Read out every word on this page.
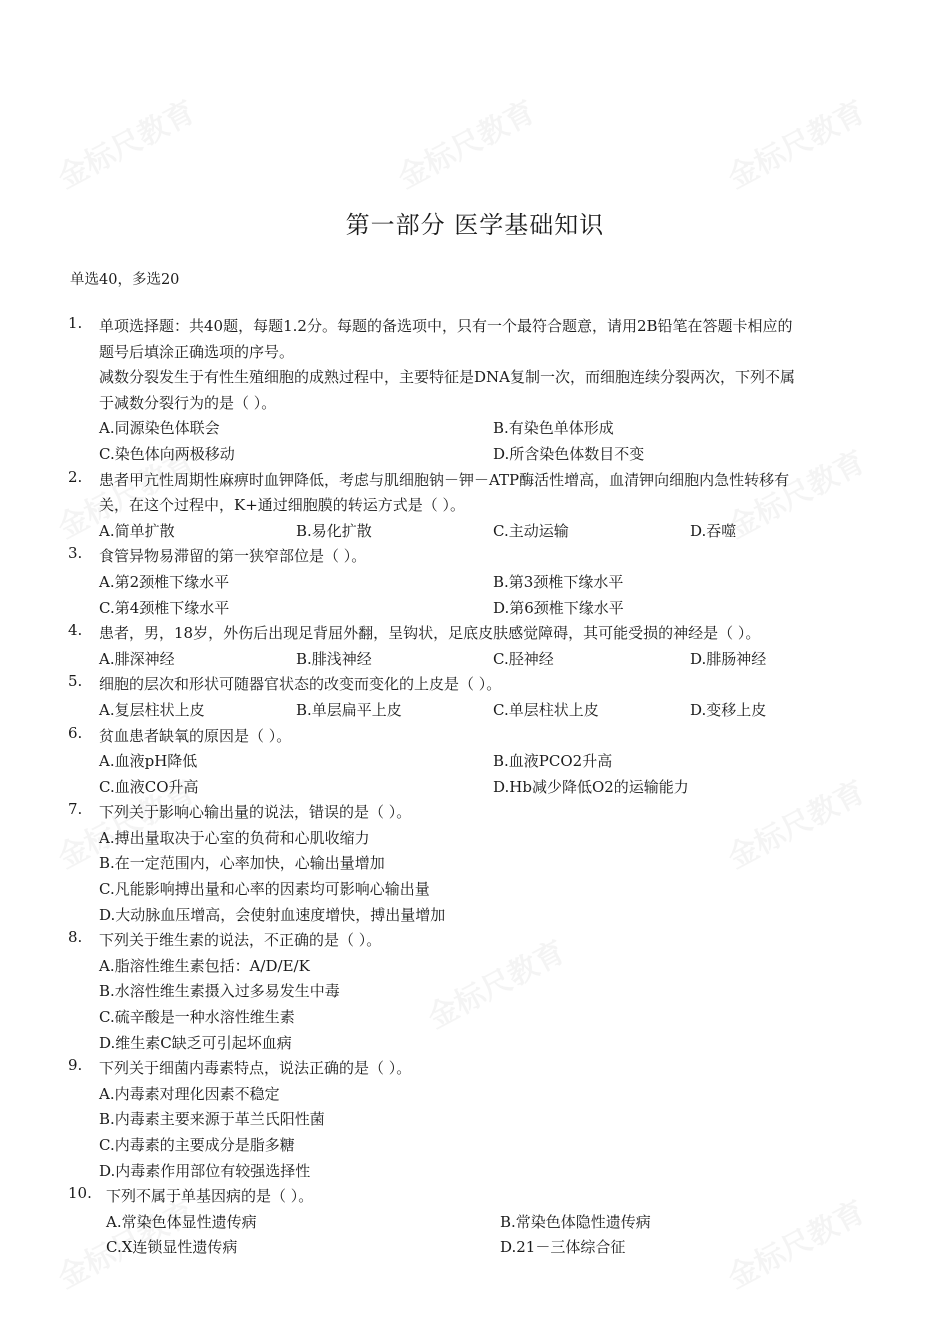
第一部分 医学基础知识
单选40，多选20
1. 单项选择题：共40题，每题1.2分。每题的备选项中，只有一个最符合题意，请用2B铅笔在答题卡相应的
题号后填涂正确选项的序号。
减数分裂发生于有性生殖细胞的成熟过程中，主要特征是DNA复制一次，而细胞连续分裂两次，下列不属
于减数分裂行为的是（ ）。
A.同源染色体联会	B.有染色单体形成
C.染色体向两极移动	D.所含染色体数目不变
2. 患者甲亢性周期性麻痹时血钾降低，考虑与肌细胞钠－钾－ATP酶活性增高，血清钾向细胞内急性转移有
关，在这个过程中，K+通过细胞膜的转运方式是（ ）。
A.简单扩散	B.易化扩散	C.主动运输	D.吞噬
3. 食管异物易滞留的第一狭窄部位是（ ）。
A.第2颈椎下缘水平	B.第3颈椎下缘水平
C.第4颈椎下缘水平	D.第6颈椎下缘水平
4. 患者，男，18岁，外伤后出现足背屈外翻，呈钩状，足底皮肤感觉障碍，其可能受损的神经是（ ）。
A.腓深神经	B.腓浅神经	C.胫神经	D.腓肠神经
5. 细胞的层次和形状可随器官状态的改变而变化的上皮是（ ）。
A.复层柱状上皮	B.单层扁平上皮	C.单层柱状上皮	D.变移上皮
6. 贫血患者缺氧的原因是（ ）。
A.血液pH降低	B.血液PCO2升高
C.血液CO升高	D.Hb减少降低O2的运输能力
7. 下列关于影响心输出量的说法，错误的是（ ）。
A.搏出量取决于心室的负荷和心肌收缩力
B.在一定范围内，心率加快，心输出量增加
C.凡能影响搏出量和心率的因素均可影响心输出量
D.大动脉血压增高，会使射血速度增快，搏出量增加
8. 下列关于维生素的说法，不正确的是（ ）。
A.脂溶性维生素包括：A/D/E/K
B.水溶性维生素摄入过多易发生中毒
C.硫辛酸是一种水溶性维生素
D.维生素C缺乏可引起坏血病
9. 下列关于细菌内毒素特点，说法正确的是（ ）。
A.内毒素对理化因素不稳定
B.内毒素主要来源于革兰氏阳性菌
C.内毒素的主要成分是脂多糖
D.内毒素作用部位有较强选择性
10. 下列不属于单基因病的是（ ）。
A.常染色体显性遗传病	B.常染色体隐性遗传病
C.X连锁显性遗传病	D.21－三体综合征
